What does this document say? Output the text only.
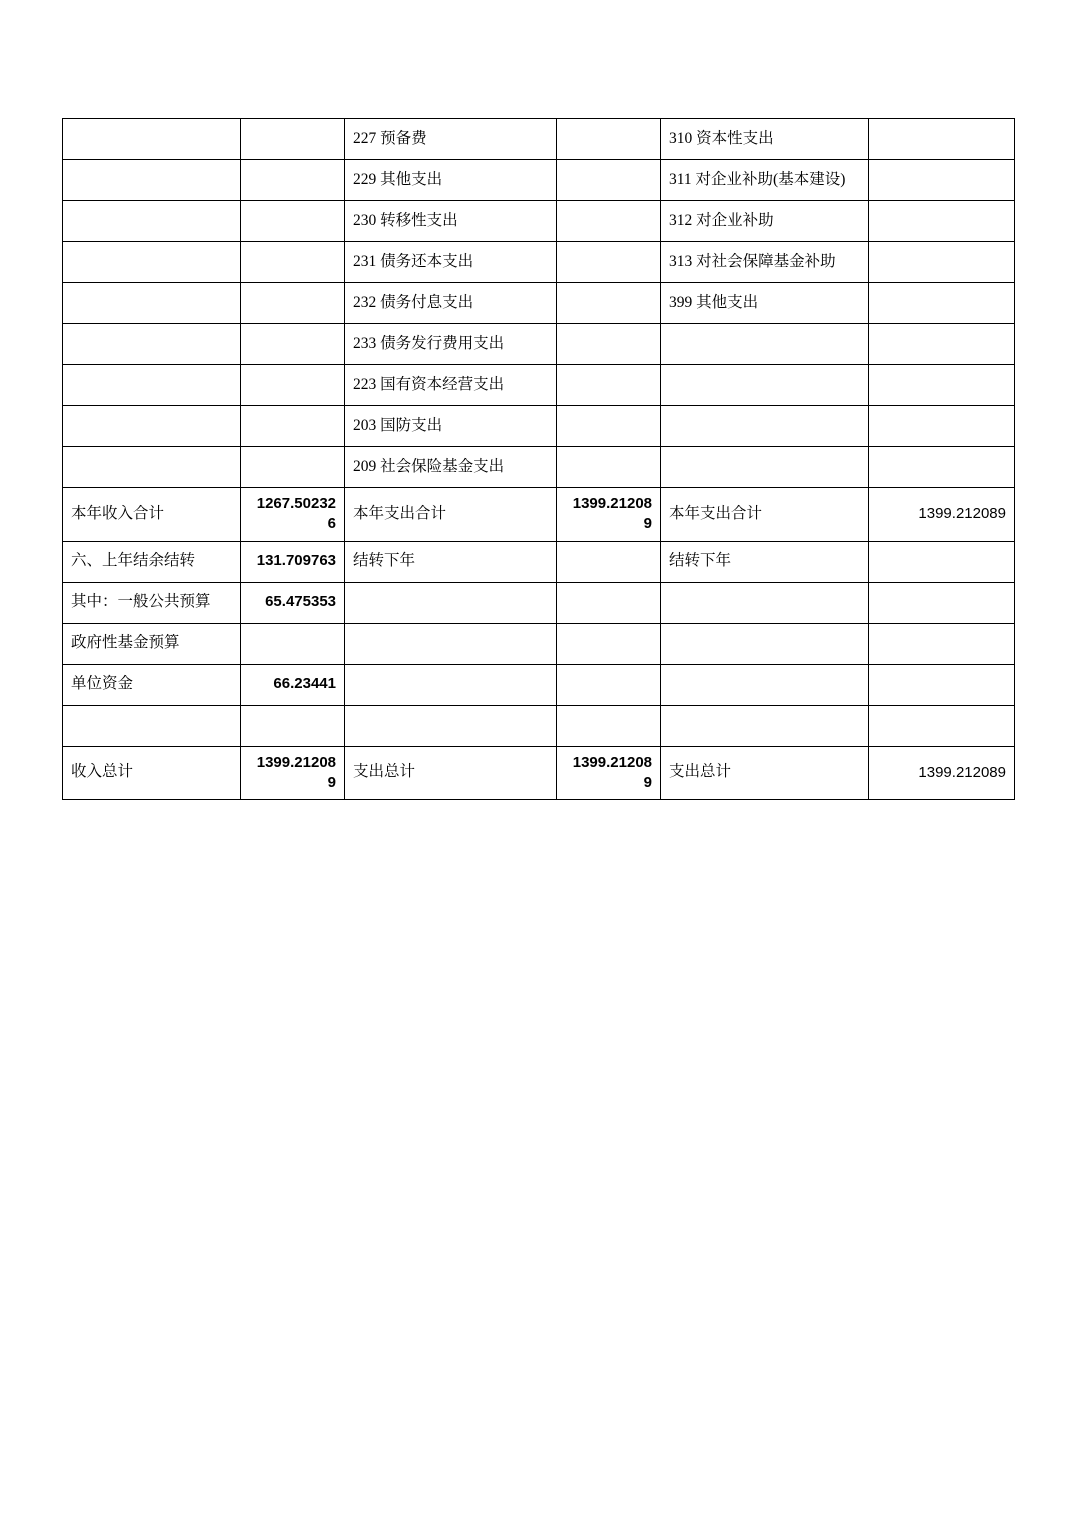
		227 预备费		310 资本性支出	
		229 其他支出		311 对企业补助(基本建设)	
		230 转移性支出		312 对企业补助	
		231 债务还本支出		313 对社会保障基金补助	
		232 债务付息支出		399 其他支出	
		233 债务发行费用支出			
		223 国有资本经营支出			
		203 国防支出			
		209 社会保险基金支出			
本年收入合计	1267.502326	本年支出合计	1399.212089	本年支出合计	1399.212089
六、上年结余结转	131.709763	结转下年		结转下年	
其中：一般公共预算	65.475353				
政府性基金预算					
单位资金	66.23441				

收入总计	1399.212089	支出总计	1399.212089	支出总计	1399.212089
